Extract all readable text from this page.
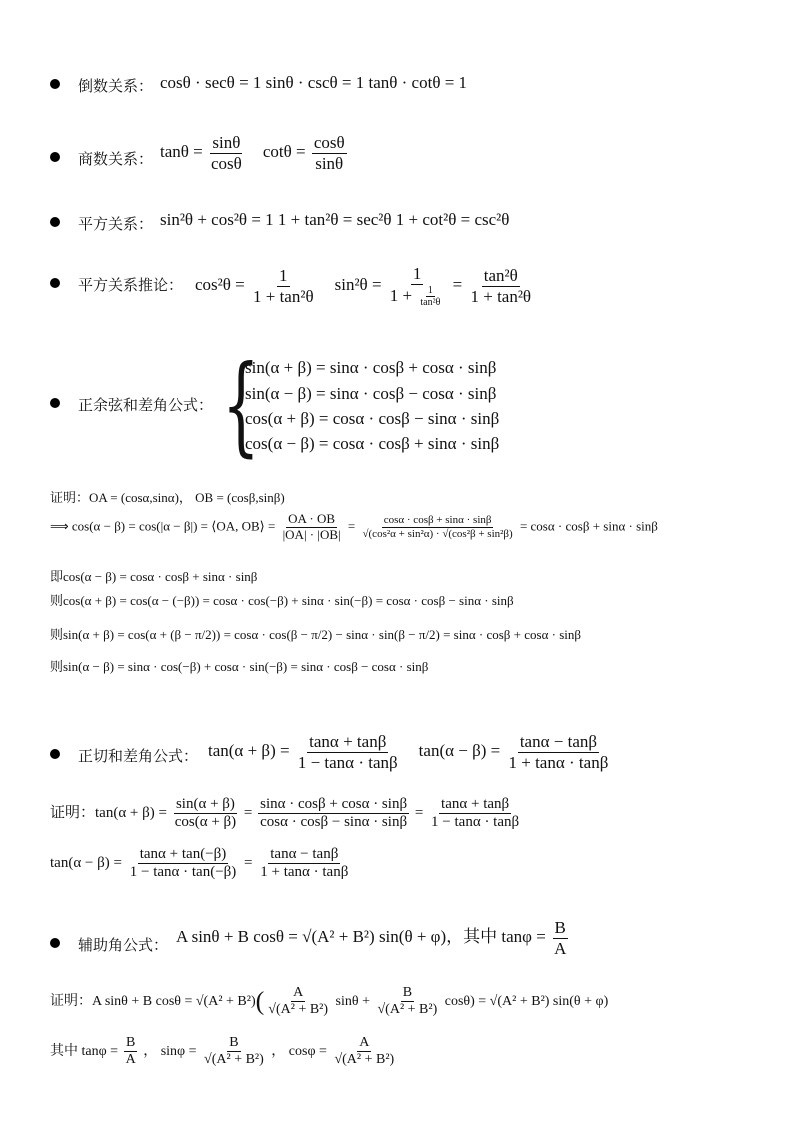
倒数关系： cosθ · secθ = 1 sinθ · cscθ = 1 tanθ · cotθ = 1
商数关系： $\tan\theta = \frac{\sin\theta}{\cos\theta}$ $\cot\theta = \frac{\cos\theta}{\sin\theta}$
平方关系： sin²θ + cos²θ = 1 1 + tan²θ = sec²θ 1 + cot²θ = csc²θ
平方关系推论： $\cos^2\theta = \frac{1}{\text{1 + tan²θ}} \sin^2\theta = \frac{1}{1 + \frac{1}{\text{tan²θ}}} = \frac{\text{tan²θ}}{\text{1 + tan²θ}}$
正余弦和差角公式： {
sin(α + β) = sinα · cosβ + cosα · sinβ
sin(α − β) = sinα · cosβ − cosα · sinβ
cos(α + β) = cosα · cosβ − sinα · sinβ
cos(α − β) = cosα · cosβ + sinα · sinβ
证明：OA = (cosα,sinα)， OB = (cosβ,sinβ)
⟹ cos(α − β) = cos(|α − β|) = ⟨OA, OB⟩ = $\frac{OA \cdot OB}{|OA| \cdot |OB|} = \frac{\cos\alpha \cdot \cos\beta + \sin\alpha \cdot \sin\beta}{\text{√(cos²α + sin²α) · √(cos²β + sin²β)}} = \cos\alpha \cdot \cos\beta + \sin\alpha \cdot \sin\beta$
即cos(α − β) = cosα · cosβ + sinα · sinβ
则cos(α + β) = cos(α − (−β)) = cosα · cos(−β) + sinα · sin(−β) = cosα · cosβ − sinα · sinβ
则sin(α + β) = cos(α + (β − π/2)) = cosα · cos(β − π/2) − sinα · sin(β − π/2) = sinα · cosβ + cosα · sinβ
则sin(α − β) = sinα · cos(−β) + cosα · sin(−β) = sinα · cosβ − cosα · sinβ
正切和差角公式： $\tan(\alpha + \beta) = \frac{\tan\alpha + \tan\beta}{1 - \tan\alpha \cdot \tan\beta} \tan(\alpha - \beta) = \frac{\tan\alpha - \tan\beta}{1 + \tan\alpha \cdot \tan\beta}$
证明：$\tan(\alpha + \beta) = \frac{\sin(\alpha + \beta)}{\cos(\alpha + \beta)} = \frac{\sin\alpha \cdot \cos\beta + \cos\alpha \cdot \sin\beta}{\cos\alpha \cdot \cos\beta - \sin\alpha \cdot \sin\beta} = \frac{\tan\alpha + \tan\beta}{1 - \tan\alpha \cdot \tan\beta}$
$\tan(\alpha - \beta) = \frac{\tan\alpha + \tan(-\beta)}{1 - \tan\alpha \cdot \tan(-\beta)} = \frac{\tan\alpha - \tan\beta}{1 + \tan\alpha \cdot \tan\beta}$
辅助角公式： A sinθ + B cosθ = √(A² + B²) sin(θ + φ)，其中 $\tan\varphi = \frac{B}{A}$
证明：A sinθ + B $\cos\theta = √(A^2 + B^2)( \frac{A}{\text{√(A² + B²)}}$ $\sin\theta + \frac{B}{\text{√(A² + B²)}} \cos\theta) = √(A^2 + B^2)$ sin(θ + φ)
其中 $\tan\varphi = \frac{B}{A}$ ， $\sin\varphi = \frac{B}{\text{√(A² + B²)}}$ ， $\cos\varphi = \frac{A}{\text{√(A² + B²)}}$
